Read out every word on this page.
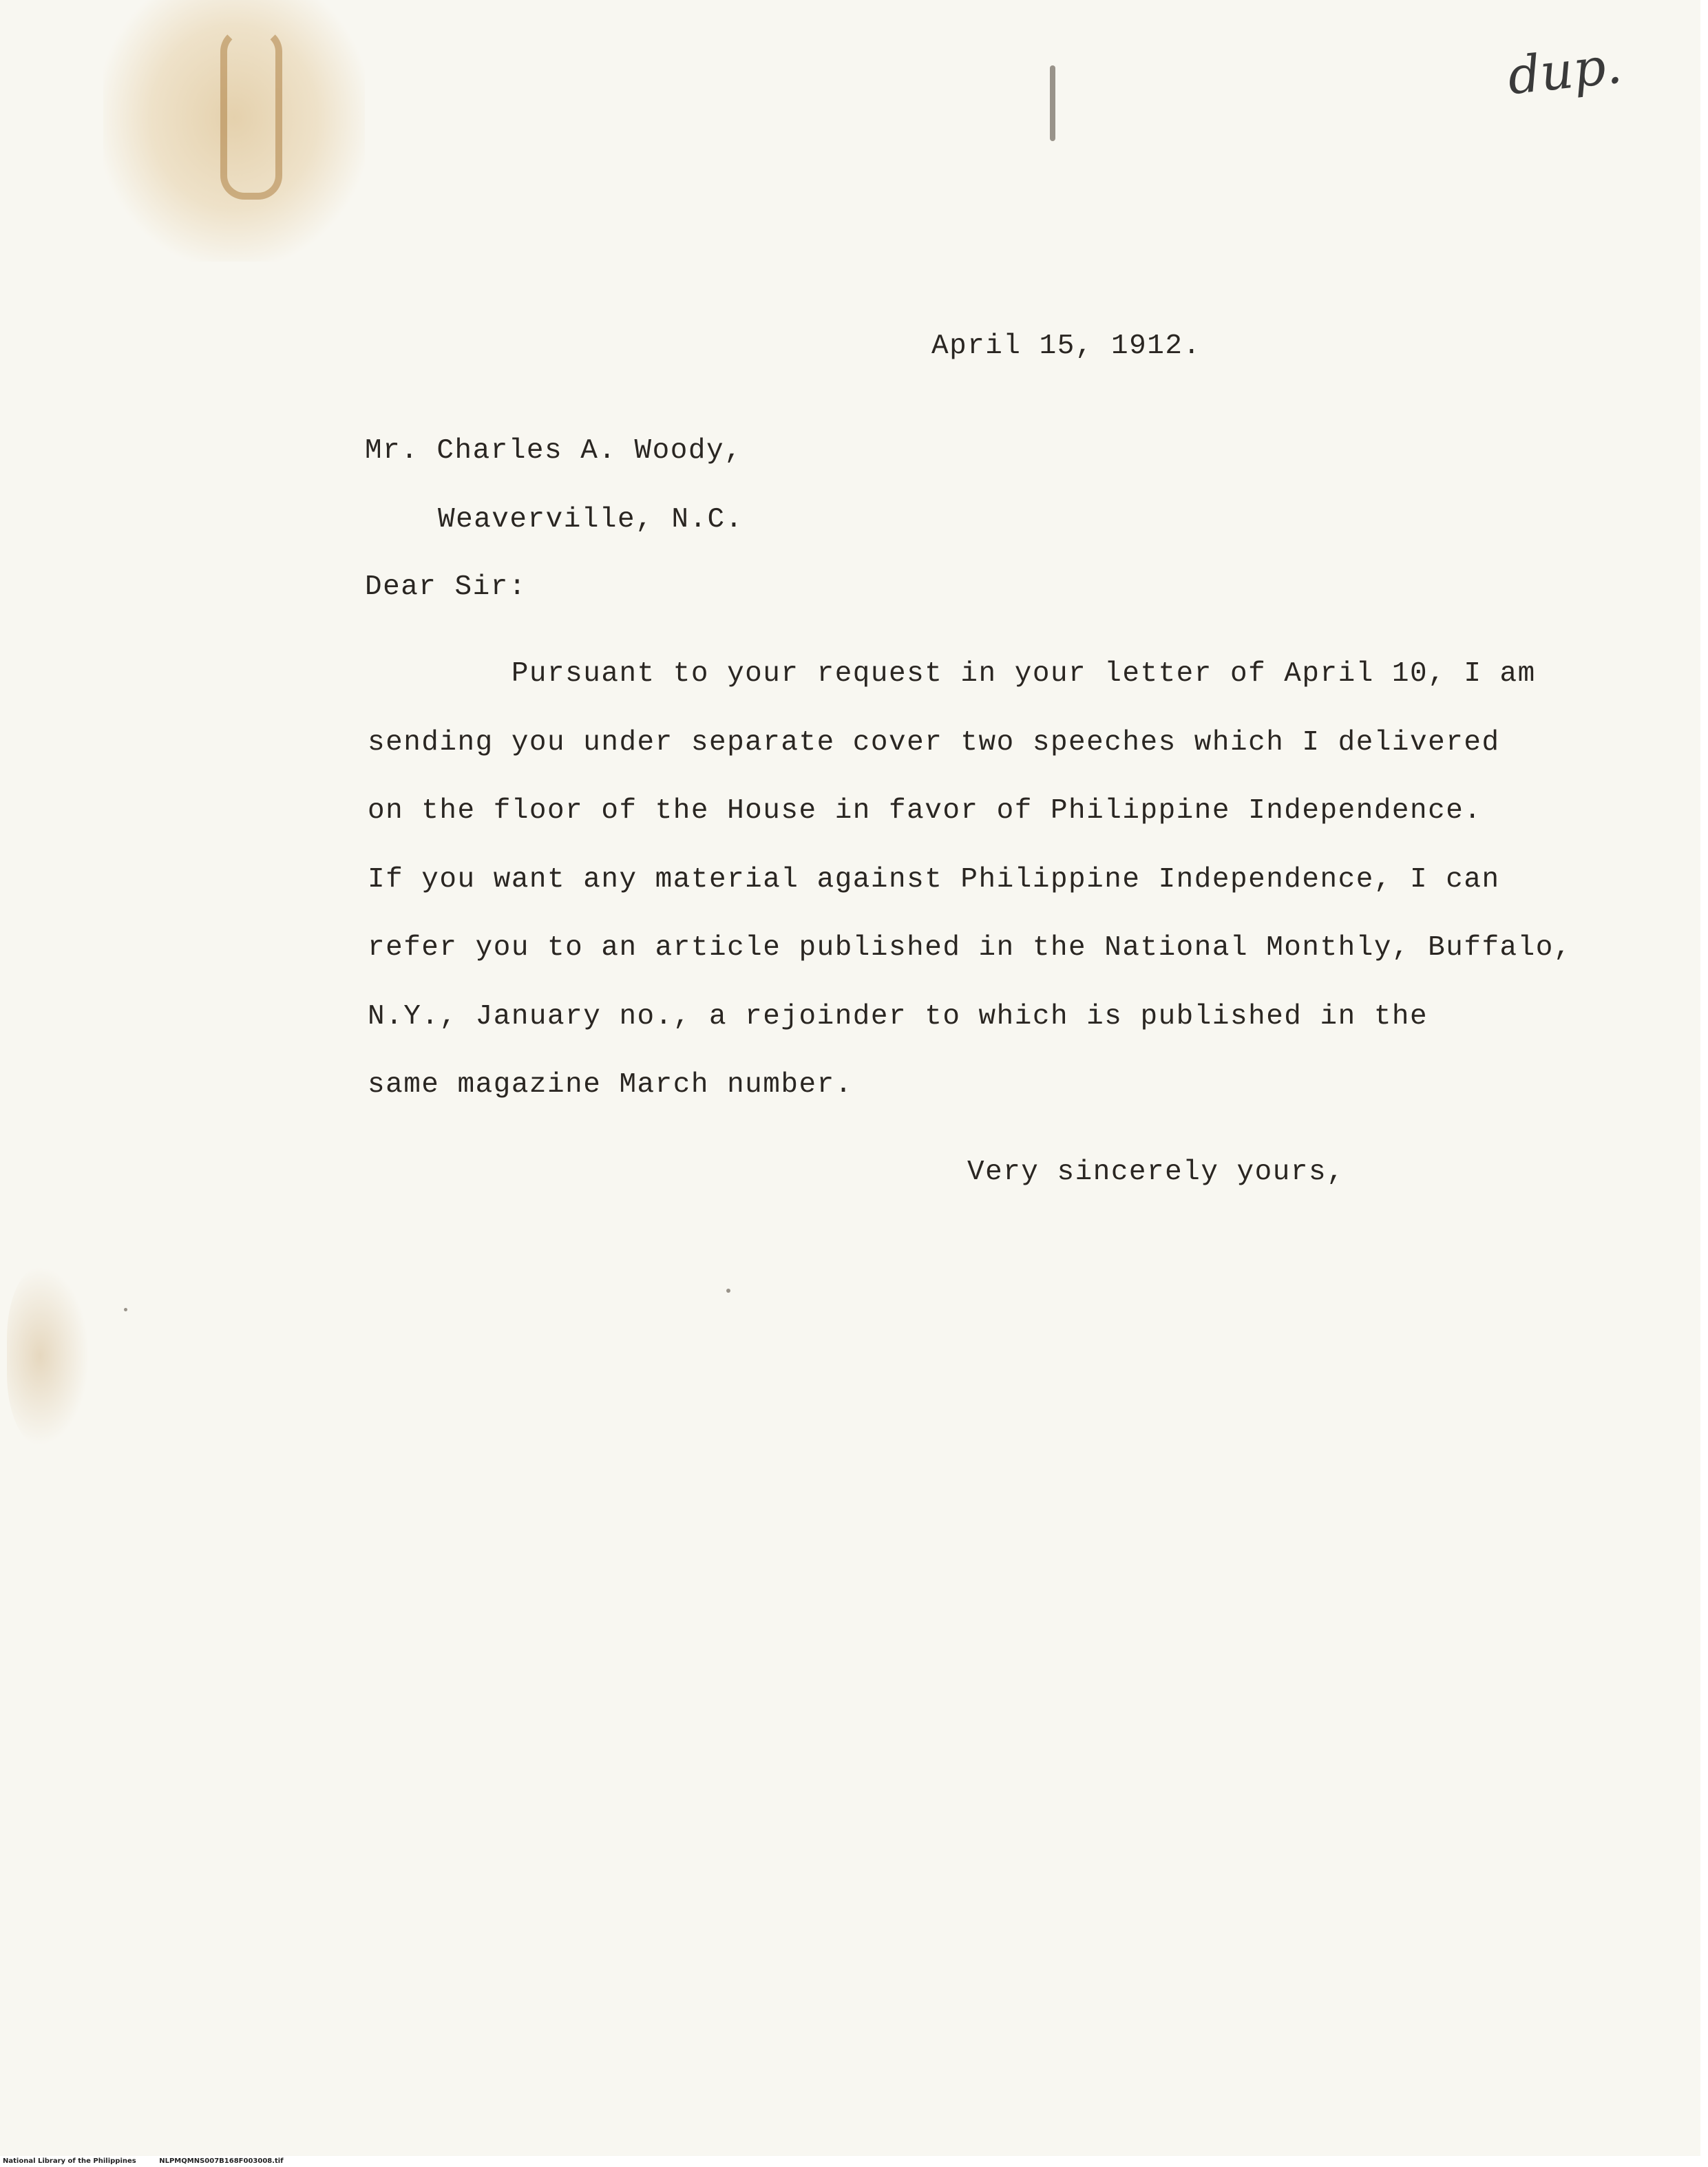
dup.
April 15, 1912.
Mr. Charles A. Woody,
Weaverville, N.C.
Dear Sir:
Pursuant to your request in your letter of April 10, I am
sending you under separate cover two speeches which I delivered
on the floor of the House in favor of Philippine Independence.
If you want any material against Philippine Independence, I can
refer you to an article published in the National Monthly, Buffalo,
N.Y., January no., a rejoinder to which is published in the
same magazine March number.
Very sincerely yours,
National Library of the Philippines	NLPMQMNS007B168F003008.tif
